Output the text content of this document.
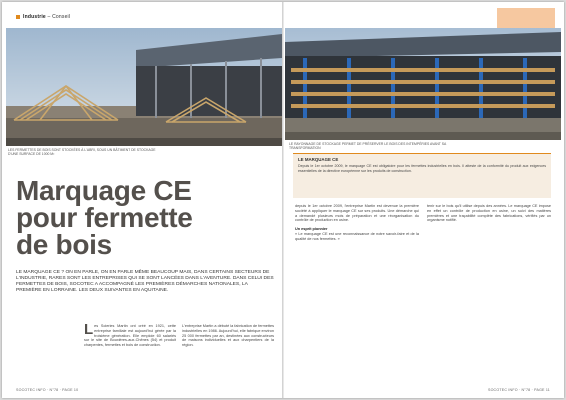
Industrie – Conseil
LES FERMETTES DE BOIS SONT STOCKÉES À L'ABRI, SOUS UN BÂTIMENT DE STOCKAGE D'UNE SURFACE DE 1000 M²
Marquage CE
pour fermette
de bois

LE MARQUAGE CE ? ON EN PARLE, ON EN PARLE MÊME BEAUCOUP MAIS, DANS CERTAINS SECTEURS DE L'INDUSTRIE, RARES SONT LES ENTREPRISES QUI SE SONT LANCÉES DANS L'AVENTURE. DANS CELUI DES FERMETTES DE BOIS, SOCOTEC A ACCOMPAGNÉ LES PREMIÈRES DÉMARCHES NATIONALES, LA PREMIÈRE EN LORRAINE. LES DEUX SUIVANTES EN AQUITAINE.

Les Scieries Martin ont créé en 1921, cette entreprise familiale est aujourd'hui gérée par la troisième génération. Elle emploie 60 salariés sur le site de Bouxières-aux-Chênes (54) et produit charpentes, fermettes et bois de construction.

L'entreprise Martin a débuté la fabrication de fermettes industrielles en 1986. Aujourd'hui, elle fabrique environ 25 000 fermettes par an, destinées aux constructeurs de maisons individuelles et aux charpentiers de la région.

SOCOTEC INFO · N°78 · PAGE 10
LE RAYONNAGE DE STOCKAGE PERMET DE PRÉSERVER LE BOIS DES INTEMPÉRIES AVANT SA TRANSFORMATION
LE MARQUAGE CE
Depuis le 1er octobre 2009, le marquage CE est obligatoire pour les fermettes industrielles en bois. Il atteste de la conformité du produit aux exigences essentielles de la directive européenne sur les produits de construction.

depuis le 1er octobre 2009, l'entreprise Martin est devenue la première société à appliquer le marquage CE sur ses produits. Une démarche qui a demandé plusieurs mois de préparation et une réorganisation du contrôle de production en usine.

Un esprit pionnier

« Le marquage CE est une reconnaissance de notre savoir-faire et de la qualité de nos fermettes. »

tenir sur le bois qu'il utilise depuis des années. Le marquage CE impose en effet un contrôle de production en usine, un suivi des matières premières et une traçabilité complète des fabrications, vérifiés par un organisme notifié.

SOCOTEC INFO · N°78 · PAGE 11
